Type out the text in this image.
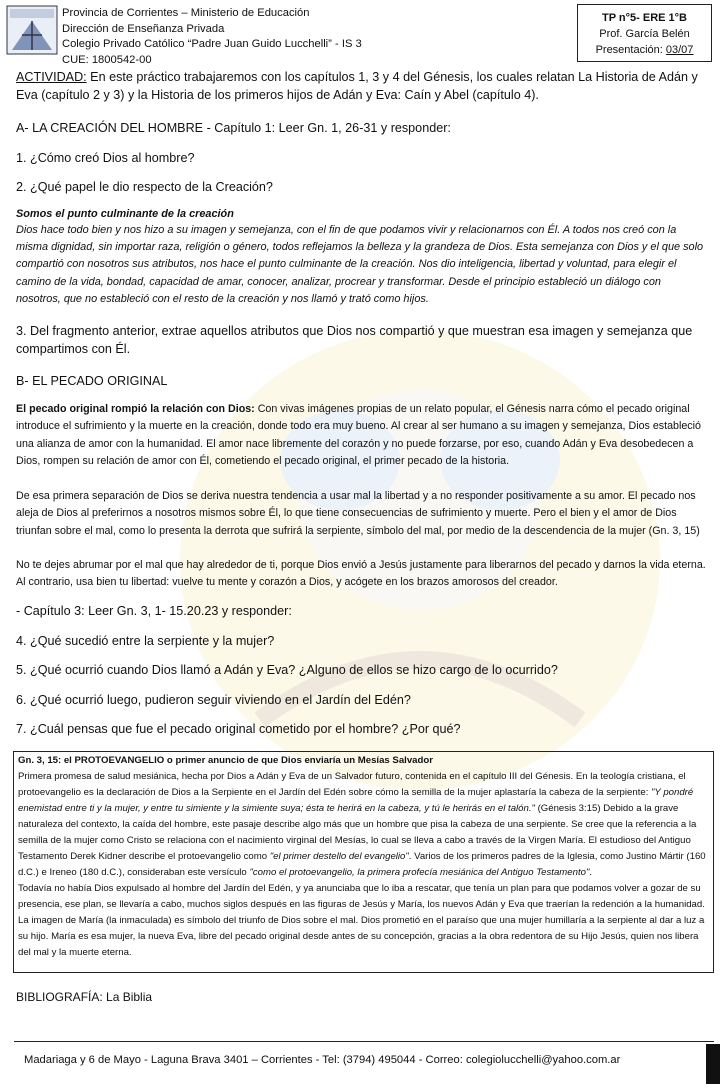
Provincia de Corrientes – Ministerio de Educación
Dirección de Enseñanza Privada
Colegio Privado Católico “Padre Juan Guido Lucchelli” - IS 3
CUE: 1800542-00
TP n°5- ERE 1°B
Prof. García Belén
Presentación: 03/07
ACTIVIDAD: En este práctico trabajaremos con los capítulos 1, 3 y 4 del Génesis, los cuales relatan La Historia de Adán y Eva (capítulo 2 y 3) y la Historia de los primeros hijos de Adán y Eva: Caín y Abel (capítulo 4).
A- LA CREACIÓN DEL HOMBRE - Capítulo 1: Leer Gn. 1, 26-31 y responder:
1. ¿Cómo creó Dios al hombre?
2. ¿Qué papel le dio respecto de la Creación?
Somos el punto culminante de la creación
Dios hace todo bien y nos hizo a su imagen y semejanza, con el fin de que podamos vivir y relacionarnos con Él. A todos nos creó con la misma dignidad, sin importar raza, religión o género, todos reflejamos la belleza y la grandeza de Dios. Esta semejanza con Dios y el que solo compartió con nosotros sus atributos, nos hace el punto culminante de la creación. Nos dio inteligencia, libertad y voluntad, para elegir el camino de la vida, bondad, capacidad de amar, conocer, analizar, procrear y transformar. Desde el principio estableció un diálogo con nosotros, que no estableció con el resto de la creación y nos llamó y trató como hijos.
3. Del fragmento anterior, extrae aquellos atributos que Dios nos compartió y que muestran esa imagen y semejanza que compartimos con Él.
B- EL PECADO ORIGINAL
El pecado original rompió la relación con Dios: Con vivas imágenes propias de un relato popular, el Génesis narra cómo el pecado original introduce el sufrimiento y la muerte en la creación, donde todo era muy bueno. Al crear al ser humano a su imagen y semejanza, Dios estableció una alianza de amor con la humanidad. El amor nace libremente del corazón y no puede forzarse, por eso, cuando Adán y Eva desobedecen a Dios, rompen su relación de amor con Él, cometiendo el pecado original, el primer pecado de la historia.
De esa primera separación de Dios se deriva nuestra tendencia a usar mal la libertad y a no responder positivamente a su amor. El pecado nos aleja de Dios al preferirnos a nosotros mismos sobre Él, lo que tiene consecuencias de sufrimiento y muerte. Pero el bien y el amor de Dios triunfan sobre el mal, como lo presenta la derrota que sufrirá la serpiente, símbolo del mal, por medio de la descendencia de la mujer (Gn. 3, 15)
No te dejes abrumar por el mal que hay alrededor de ti, porque Dios envió a Jesús justamente para liberarnos del pecado y darnos la vida eterna. Al contrario, usa bien tu libertad: vuelve tu mente y corazón a Dios, y acógete en los brazos amorosos del creador.
- Capítulo 3: Leer Gn. 3, 1- 15.20.23 y responder:
4. ¿Qué sucedió entre la serpiente y la mujer?
5. ¿Qué ocurrió cuando Dios llamó a Adán y Eva? ¿Alguno de ellos se hizo cargo de lo ocurrido?
6. ¿Qué ocurrió luego, pudieron seguir viviendo en el Jardín del Edén?
7. ¿Cuál pensas que fue el pecado original cometido por el hombre? ¿Por qué?
Gn. 3, 15: el PROTOEVANGELIO o primer anuncio de que Dios enviaría un Mesías Salvador
Primera promesa de salud mesiánica, hecha por Dios a Adán y Eva de un Salvador futuro, contenida en el capítulo III del Génesis. En la teología cristiana, el protoevangelio es la declaración de Dios a la Serpiente en el Jardín del Edén sobre cómo la semilla de la mujer aplastaría la cabeza de la serpiente: "Y pondré enemistad entre ti y la mujer, y entre tu simiente y la simiente suya; ésta te herirá en la cabeza, y tú le herirás en el talón." (Génesis 3:15) Debido a la grave naturaleza del contexto, la caída del hombre, este pasaje describe algo más que un hombre que pisa la cabeza de una serpiente. Se cree que la referencia a la semilla de la mujer como Cristo se relaciona con el nacimiento virginal del Mesías, lo cual se lleva a cabo a través de la Virgen María. El estudioso del Antiguo Testamento Derek Kidner describe el protoevangelio como "el primer destello del evangelio". Varios de los primeros padres de la Iglesia, como Justino Mártir (160 d.C.) e Ireneo (180 d.C.), consideraban este versículo "como el protoevangelio, la primera profecía mesiánica del Antiguo Testamento".
Todavía no había Dios expulsado al hombre del Jardín del Edén, y ya anunciaba que lo iba a rescatar, que tenía un plan para que podamos volver a gozar de su presencia, ese plan, se llevaría a cabo, muchos siglos después en las figuras de Jesús y María, los nuevos Adán y Eva que traerían la redención a la humanidad. La imagen de María (la inmaculada) es símbolo del triunfo de Dios sobre el mal. Dios prometió en el paraíso que una mujer humillaría a la serpiente al dar a luz a su hijo. María es esa mujer, la nueva Eva, libre del pecado original desde antes de su concepción, gracias a la obra redentora de su Hijo Jesús, quien nos libera del mal y la muerte eterna.
BIBLIOGRAFÍA: La Biblia
Madariaga y 6 de Mayo - Laguna Brava 3401 – Corrientes - Tel: (3794) 495044 - Correo: colegiolucchelli@yahoo.com.ar
